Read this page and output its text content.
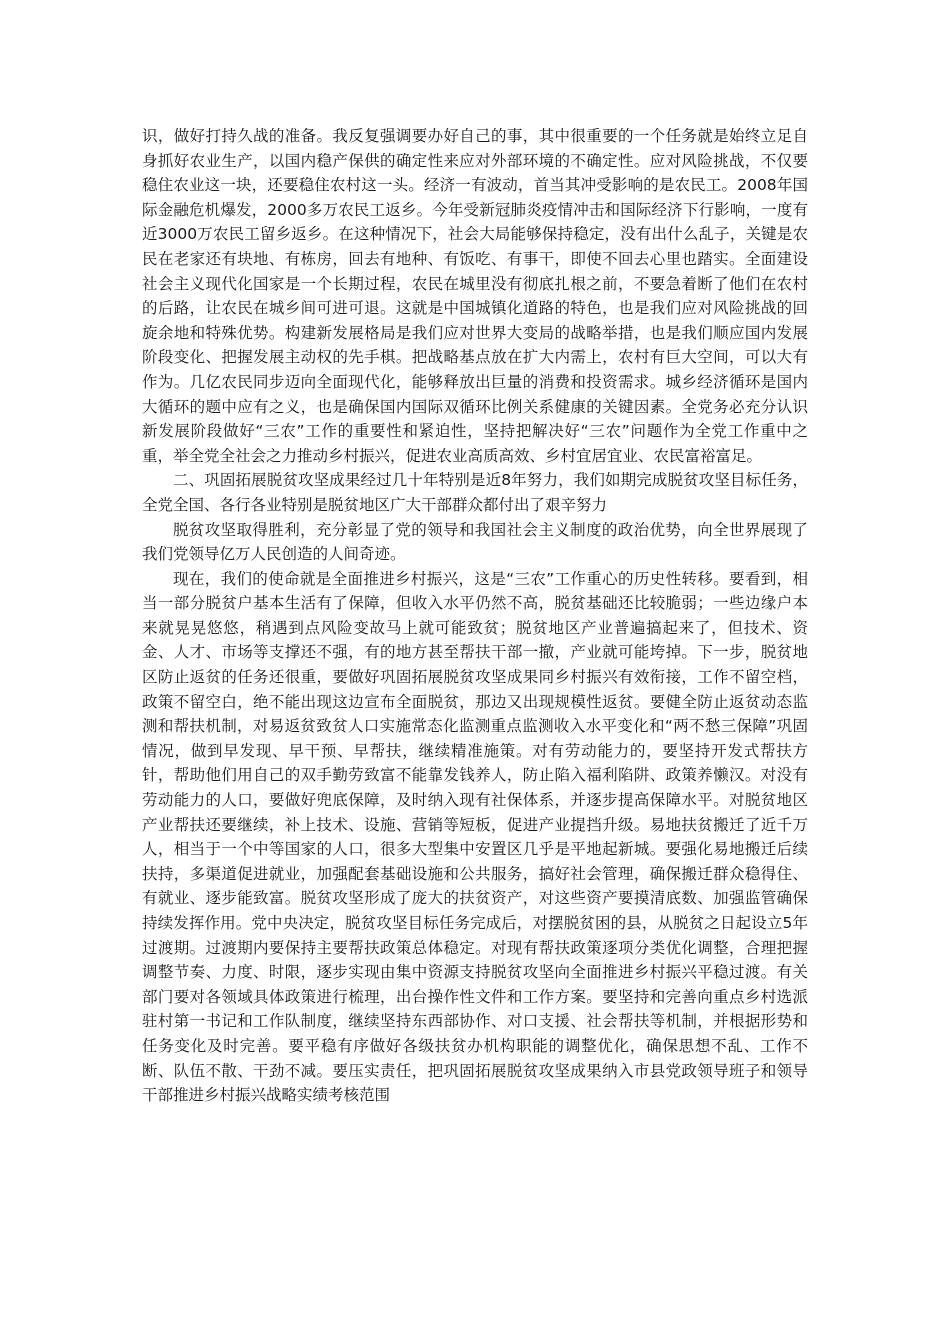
识，做好打持久战的准备。我反复强调要办好自己的事，其中很重要的一个任务就是始终立足自身抓好农业生产，以国内稳产保供的确定性来应对外部环境的不确定性。应对风险挑战，不仅要稳住农业这一块，还要稳住农村这一头。经济一有波动，首当其冲受影响的是农民工。2008年国际金融危机爆发，2000多万农民工返乡。今年受新冠肺炎疫情冲击和国际经济下行影响，一度有近3000万农民工留乡返乡。在这种情况下，社会大局能够保持稳定，没有出什么乱子，关键是农民在老家还有块地、有栋房，回去有地种、有饭吃、有事干，即使不回去心里也踏实。全面建设社会主义现代化国家是一个长期过程，农民在城里没有彻底扎根之前，不要急着断了他们在农村的后路，让农民在城乡间可进可退。这就是中国城镇化道路的特色，也是我们应对风险挑战的回旋余地和特殊优势。构建新发展格局是我们应对世界大变局的战略举措，也是我们顺应国内发展阶段变化、把握发展主动权的先手棋。把战略基点放在扩大内需上，农村有巨大空间，可以大有作为。几亿农民同步迈向全面现代化，能够释放出巨量的消费和投资需求。城乡经济循环是国内大循环的题中应有之义，也是确保国内国际双循环比例关系健康的关键因素。全党务必充分认识新发展阶段做好“三农”工作的重要性和紧迫性，坚持把解决好“三农”问题作为全党工作重中之重，举全党全社会之力推动乡村振兴，促进农业高质高效、乡村宜居宜业、农民富裕富足。

二、巩固拓展脱贫攻坚成果经过几十年特别是近8年努力，我们如期完成脱贫攻坚目标任务，全党全国、各行各业特别是脱贫地区广大干部群众都付出了艰辛努力

脱贫攻坚取得胜利，充分彰显了党的领导和我国社会主义制度的政治优势，向全世界展现了我们党领导亿万人民创造的人间奇迹。

现在，我们的使命就是全面推进乡村振兴，这是“三农”工作重心的历史性转移。要看到，相当一部分脱贫户基本生活有了保障，但收入水平仍然不高，脱贫基础还比较脆弱；一些边缘户本来就晃晃悠悠，稍遇到点风险变故马上就可能致贫；脱贫地区产业普遍搞起来了，但技术、资金、人才、市场等支撑还不强，有的地方甚至帮扶干部一撤，产业就可能垮掉。下一步，脱贫地区防止返贫的任务还很重，要做好巩固拓展脱贫攻坚成果同乡村振兴有效衔接，工作不留空档，政策不留空白，绝不能出现这边宣布全面脱贫，那边又出现规模性返贫。要健全防止返贫动态监测和帮扶机制，对易返贫致贫人口实施常态化监测重点监测收入水平变化和“两不愁三保障”巩固情况，做到早发现、早干预、早帮扶，继续精准施策。对有劳动能力的，要坚持开发式帮扶方针，帮助他们用自己的双手勤劳致富不能靠发钱养人，防止陷入福利陷阱、政策养懒汉。对没有劳动能力的人口，要做好兜底保障，及时纳入现有社保体系，并逐步提高保障水平。对脱贫地区产业帮扶还要继续，补上技术、设施、营销等短板，促进产业提挡升级。易地扶贫搬迁了近千万人，相当于一个中等国家的人口，很多大型集中安置区几乎是平地起新城。要强化易地搬迁后续扶持，多渠道促进就业，加强配套基础设施和公共服务，搞好社会管理，确保搬迁群众稳得住、有就业、逐步能致富。脱贫攻坚形成了庞大的扶贫资产，对这些资产要摸清底数、加强监管确保持续发挥作用。党中央决定，脱贫攻坚目标任务完成后，对摆脱贫困的县，从脱贫之日起设立5年过渡期。过渡期内要保持主要帮扶政策总体稳定。对现有帮扶政策逐项分类优化调整，合理把握调整节奏、力度、时限，逐步实现由集中资源支持脱贫攻坚向全面推进乡村振兴平稳过渡。有关部门要对各领域具体政策进行梳理，出台操作性文件和工作方案。要坚持和完善向重点乡村选派驻村第一书记和工作队制度，继续坚持东西部协作、对口支援、社会帮扶等机制，并根据形势和任务变化及时完善。要平稳有序做好各级扶贫办机构职能的调整优化，确保思想不乱、工作不断、队伍不散、干劲不减。要压实责任，把巩固拓展脱贫攻坚成果纳入市县党政领导班子和领导干部推进乡村振兴战略实绩考核范围
